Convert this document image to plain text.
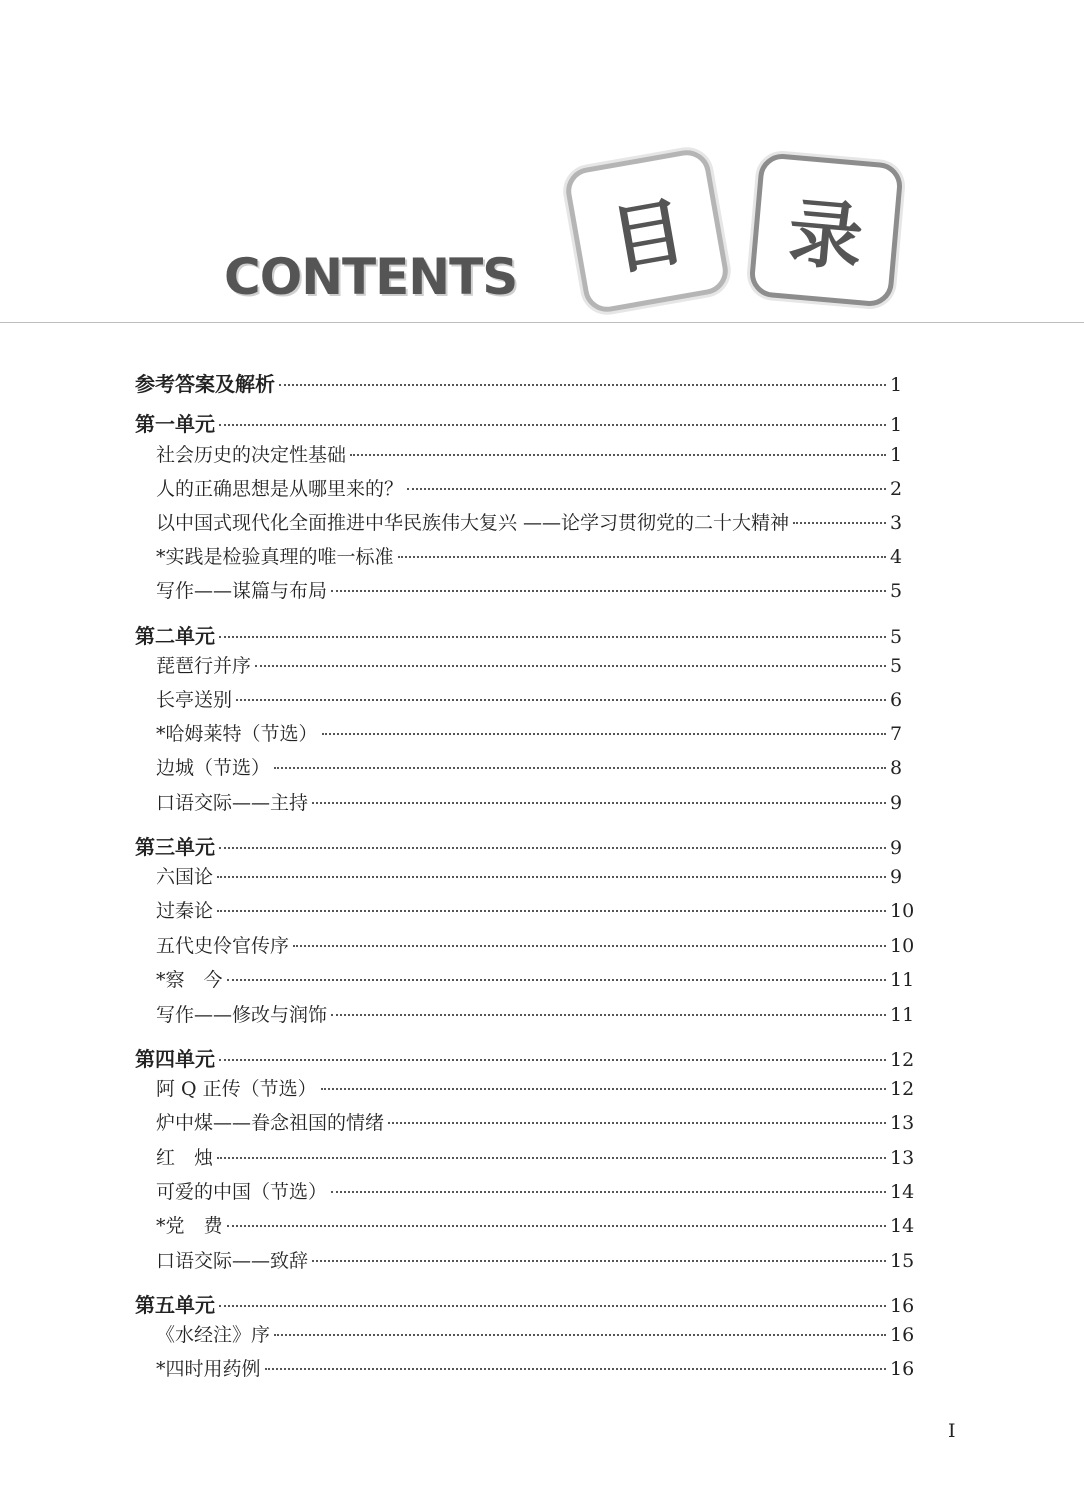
CONTENTS	目	录
参考答案及解析	1
第一单元	1
社会历史的决定性基础	1
人的正确思想是从哪里来的？	2
以中国式现代化全面推进中华民族伟大复兴 ——论学习贯彻党的二十大精神	3
*实践是检验真理的唯一标准	4
写作——谋篇与布局	5
第二单元	5
琵琶行并序	5
长亭送别	6
*哈姆莱特（节选）	7
边城（节选）	8
口语交际——主持	9
第三单元	9
六国论	9
过秦论	10
五代史伶官传序	10
*察　今	11
写作——修改与润饰	11
第四单元	12
阿 Q 正传（节选）	12
炉中煤——眷念祖国的情绪	13
红　烛	13
可爱的中国（节选）	14
*党　费	14
口语交际——致辞	15
第五单元	16
《水经注》序	16
*四时用药例	16
I
